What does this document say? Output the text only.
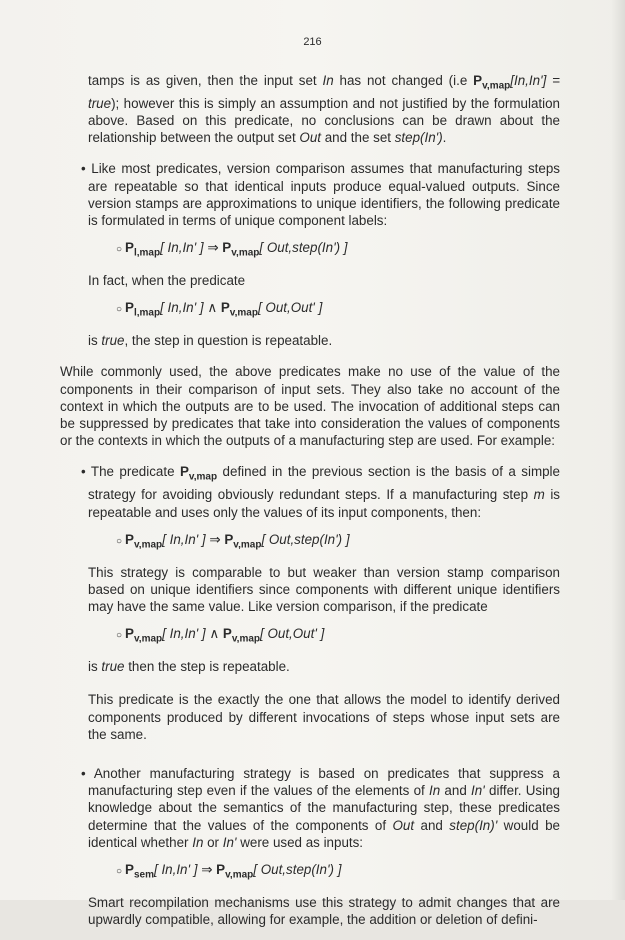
216

tamps is as given, then the input set In has not changed (i.e $P_{v,map}[In,In']$ = true); however this is simply an assumption and not justified by the formulation above. Based on this predicate, no conclusions can be drawn about the relationship between the output set Out and the set step(In').

• Like most predicates, version comparison assumes that manufacturing steps are repeatable so that identical inputs produce equal-valued outputs. Since version stamps are approximations to unique identifiers, the following predicate is formulated in terms of unique component labels:

○ $P_{l,map}$[ In,In' ] ⇒ $P_{v,map}$[ Out,step(In') ]

In fact, when the predicate

○ $P_{l,map}$[ In,In' ] ∧ $P_{v,map}$[ Out,Out' ]

is true, the step in question is repeatable.

While commonly used, the above predicates make no use of the value of the components in their comparison of input sets. They also take no account of the context in which the outputs are to be used. The invocation of additional steps can be suppressed by predicates that take into consideration the values of components or the contexts in which the outputs of a manufacturing step are used. For example:

• The predicate $P_{v,map}$ defined in the previous section is the basis of a simple strategy for avoiding obviously redundant steps. If a manufacturing step m is repeatable and uses only the values of its input components, then:

○ $P_{v,map}$[ In,In' ] ⇒ $P_{v,map}$[ Out,step(In') ]

This strategy is comparable to but weaker than version stamp comparison based on unique identifiers since components with different unique identifiers may have the same value. Like version comparison, if the predicate

○ $P_{v,map}$[ In,In' ] ∧ $P_{v,map}$[ Out,Out' ]

is true then the step is repeatable.

This predicate is the exactly the one that allows the model to identify derived components produced by different invocations of steps whose input sets are the same.

• Another manufacturing strategy is based on predicates that suppress a manufacturing step even if the values of the elements of In and In' differ. Using knowledge about the semantics of the manufacturing step, these predicates determine that the values of the components of Out and step(In)' would be identical whether In or In' were used as inputs:

○ $P_{sem}$[ In,In' ] ⇒ $P_{v,map}$[ Out,step(In') ]

Smart recompilation mechanisms use this strategy to admit changes that are upwardly compatible, allowing for example, the addition or deletion of defini-
